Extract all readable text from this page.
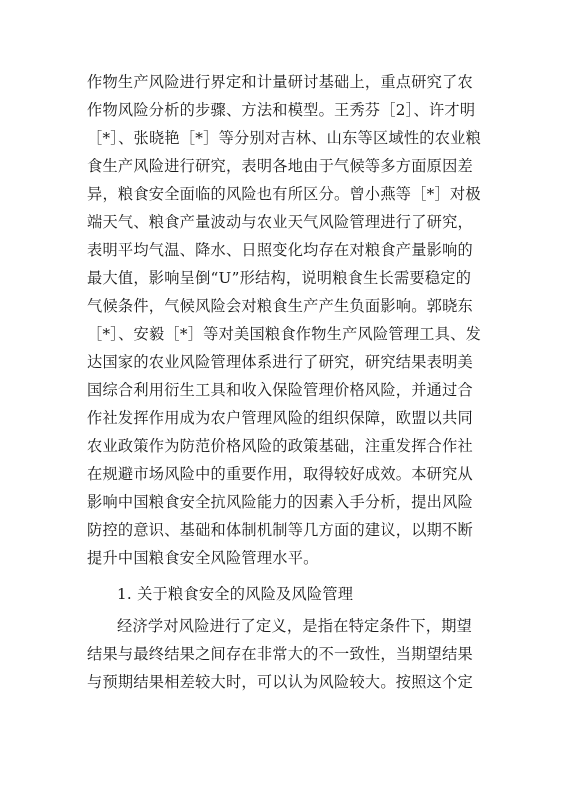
作物生产风险进行界定和计量研讨基础上，重点研究了农
作物风险分析的步骤、方法和模型。王秀芬［2］、许才明
［*］、张晓艳［*］等分别对吉林、山东等区域性的农业粮
食生产风险进行研究，表明各地由于气候等多方面原因差
异，粮食安全面临的风险也有所区分。曾小燕等［*］对极
端天气、粮食产量波动与农业天气风险管理进行了研究，
表明平均气温、降水、日照变化均存在对粮食产量影响的
最大值，影响呈倒“U”形结构，说明粮食生长需要稳定的
气候条件，气候风险会对粮食生产产生负面影响。郭晓东
［*］、安毅［*］等对美国粮食作物生产风险管理工具、发
达国家的农业风险管理体系进行了研究，研究结果表明美
国综合利用衍生工具和收入保险管理价格风险，并通过合
作社发挥作用成为农户管理风险的组织保障，欧盟以共同
农业政策作为防范价格风险的政策基础，注重发挥合作社
在规避市场风险中的重要作用，取得较好成效。本研究从
影响中国粮食安全抗风险能力的因素入手分析，提出风险
防控的意识、基础和体制机制等几方面的建议，以期不断
提升中国粮食安全风险管理水平。
1. 关于粮食安全的风险及风险管理
经济学对风险进行了定义，是指在特定条件下，期望
结果与最终结果之间存在非常大的不一致性，当期望结果
与预期结果相差较大时，可以认为风险较大。按照这个定
